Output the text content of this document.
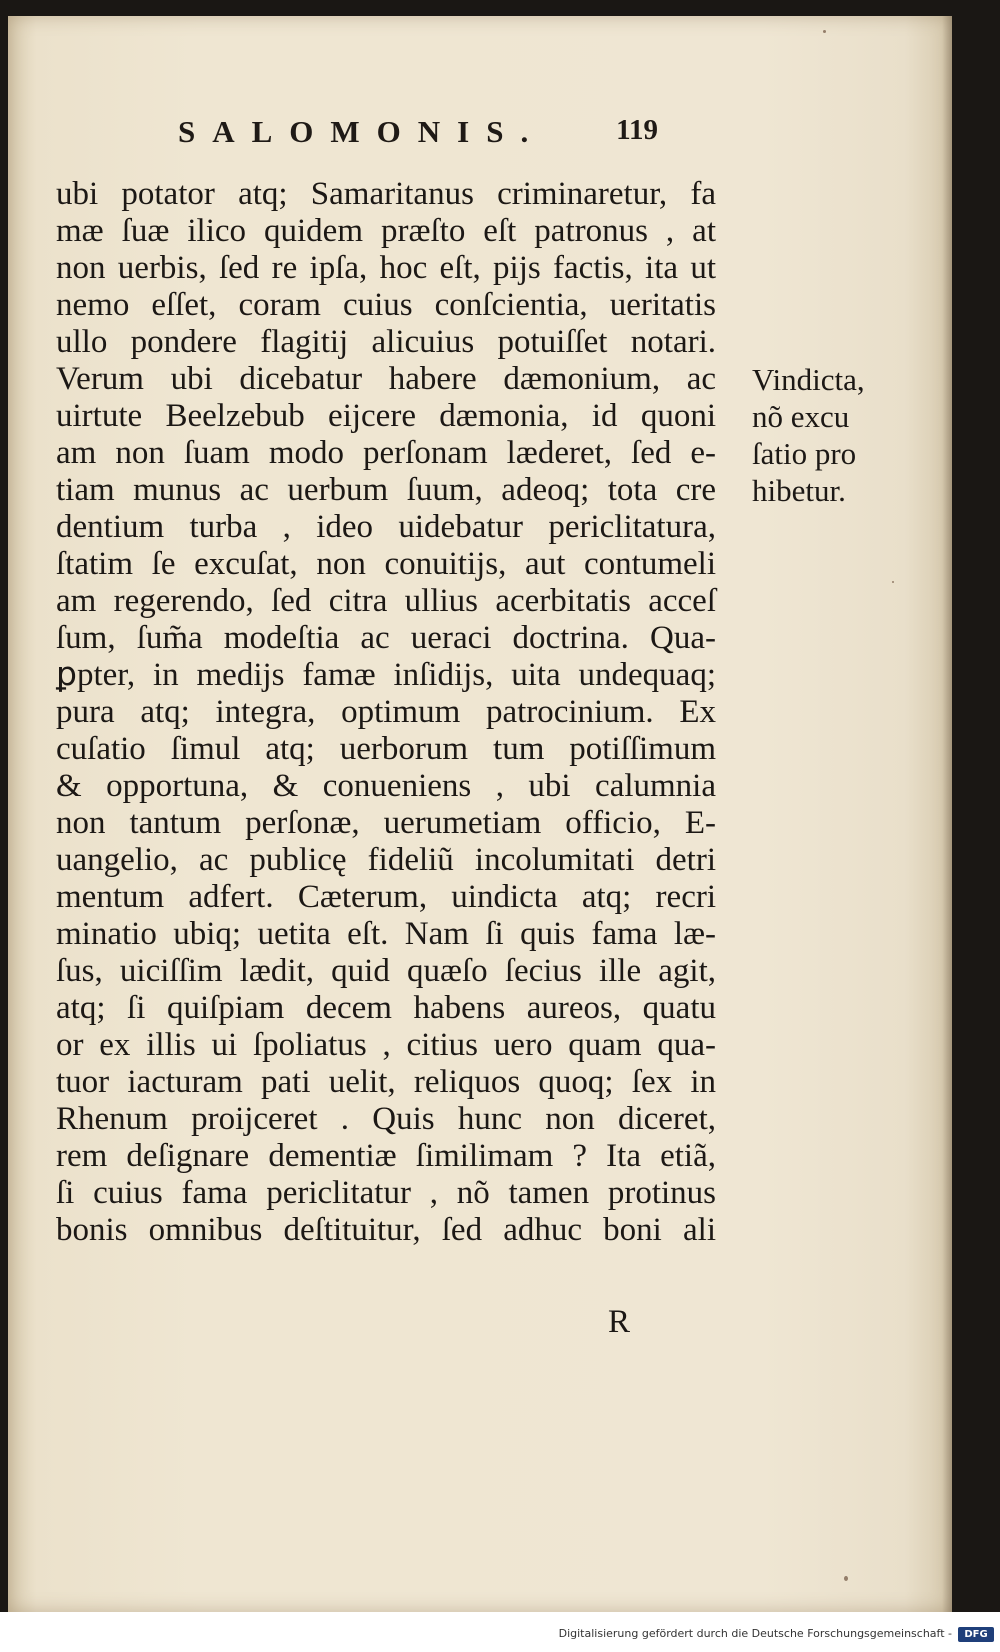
SALOMONIS. 119
ubi potator atq; Samaritanus criminaretur, fa
mæ ſuæ ilico quidem præſto eſt patronus , at
non uerbis, ſed re ipſa, hoc eſt, pijs factis, ita ut
nemo eſſet, coram cuius conſcientia, ueritatis
ullo pondere flagitij alicuius potuiſſet notari.
Verum ubi dicebatur habere dæmonium, ac
uirtute Beelzebub eijcere dæmonia, id quoni
am non ſuam modo perſonam læderet, ſed e-
tiam munus ac uerbum ſuum, adeoq; tota cre
dentium turba , ideo uidebatur periclitatura,
ſtatim ſe excuſat, non conuitijs, aut contumeli
am regerendo, ſed citra ullius acerbitatis acceſ
ſum, ſum̃a modeſtia ac ueraci doctrina. Qua-
ꝑpter, in medijs famæ inſidijs, uita undequaq;
pura atq; integra, optimum patrocinium. Ex
cuſatio ſimul atq; uerborum tum potiſſimum
& opportuna, & conueniens , ubi calumnia
non tantum perſonæ, uerumetiam officio, E-
uangelio, ac publicę fideliũ incolumitati detri
mentum adfert. Cæterum, uindicta atq; recri
minatio ubiq; uetita eſt. Nam ſi quis fama læ-
ſus, uiciſſim lædit, quid quæſo ſecius ille agit,
atq; ſi quiſpiam decem habens aureos, quatu
or ex illis ui ſpoliatus , citius uero quam qua-
tuor iacturam pati uelit, reliquos quoq; ſex in
Rhenum proijceret . Quis hunc non diceret,
rem deſignare dementiæ ſimilimam ? Ita etiã,
ſi cuius fama periclitatur , nõ tamen protinus
bonis omnibus deſtituitur, ſed adhuc boni ali
Vindicta,
nõ excu
ſatio pro
hibetur.
R
Digitalisierung gefördert durch die Deutsche Forschungsgemeinschaft -	DFG
